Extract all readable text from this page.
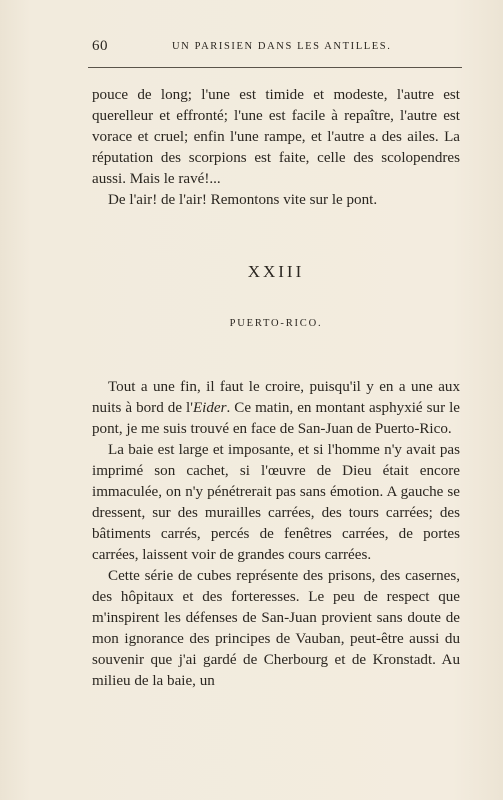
60	UN PARISIEN DANS LES ANTILLES.

pouce de long; l'une est timide et modeste, l'autre est querelleur et effronté; l'une est facile à repaître, l'autre est vorace et cruel; enfin l'une rampe, et l'autre a des ailes. La réputation des scorpions est faite, celle des scolopendres aussi. Mais le ravé!...

De l'air! de l'air! Remontons vite sur le pont.

XXIII
PUERTO-RICO.

Tout a une fin, il faut le croire, puisqu'il y en a une aux nuits à bord de l'Eider. Ce matin, en montant asphyxié sur le pont, je me suis trouvé en face de San-Juan de Puerto-Rico.

La baie est large et imposante, et si l'homme n'y avait pas imprimé son cachet, si l'œuvre de Dieu était encore immaculée, on n'y pénétrerait pas sans émotion. A gauche se dressent, sur des murailles carrées, des tours carrées; des bâtiments carrés, percés de fenêtres carrées, de portes carrées, laissent voir de grandes cours carrées.

Cette série de cubes représente des prisons, des casernes, des hôpitaux et des forteresses. Le peu de respect que m'inspirent les défenses de San-Juan provient sans doute de mon ignorance des principes de Vauban, peut-être aussi du souvenir que j'ai gardé de Cherbourg et de Kronstadt. Au milieu de la baie, un
